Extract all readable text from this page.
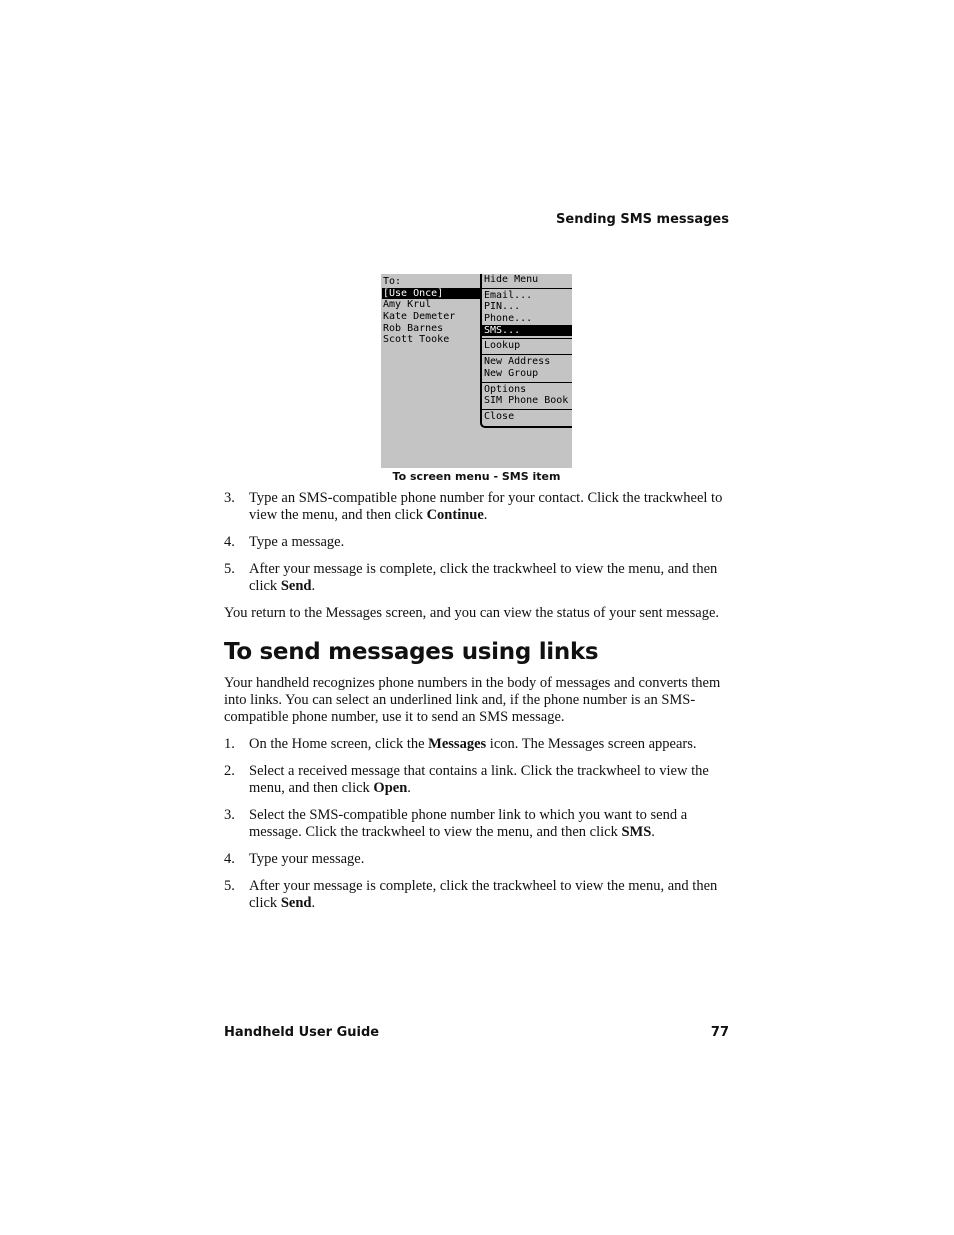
Sending SMS messages
To:
[Use Once]
Amy Krul
Kate Demeter
Rob Barnes
Scott Tooke
Hide Menu
Email...
PIN...
Phone...
SMS...
Lookup
New Address
New Group
Options
SIM Phone Book
Close
To screen menu - SMS item
3. Type an SMS-compatible phone number for your contact. Click the trackwheel to view the menu, and then click Continue.
4. Type a message.
5. After your message is complete, click the trackwheel to view the menu, and then click Send.

You return to the Messages screen, and you can view the status of your sent message.

To send messages using links

Your handheld recognizes phone numbers in the body of messages and converts them into links. You can select an underlined link and, if the phone number is an SMS-compatible phone number, use it to send an SMS message.

1. On the Home screen, click the Messages icon. The Messages screen appears.
2. Select a received message that contains a link. Click the trackwheel to view the menu, and then click Open.
3. Select the SMS-compatible phone number link to which you want to send a message. Click the trackwheel to view the menu, and then click SMS.
4. Type your message.
5. After your message is complete, click the trackwheel to view the menu, and then click Send.
Handheld User Guide	77
